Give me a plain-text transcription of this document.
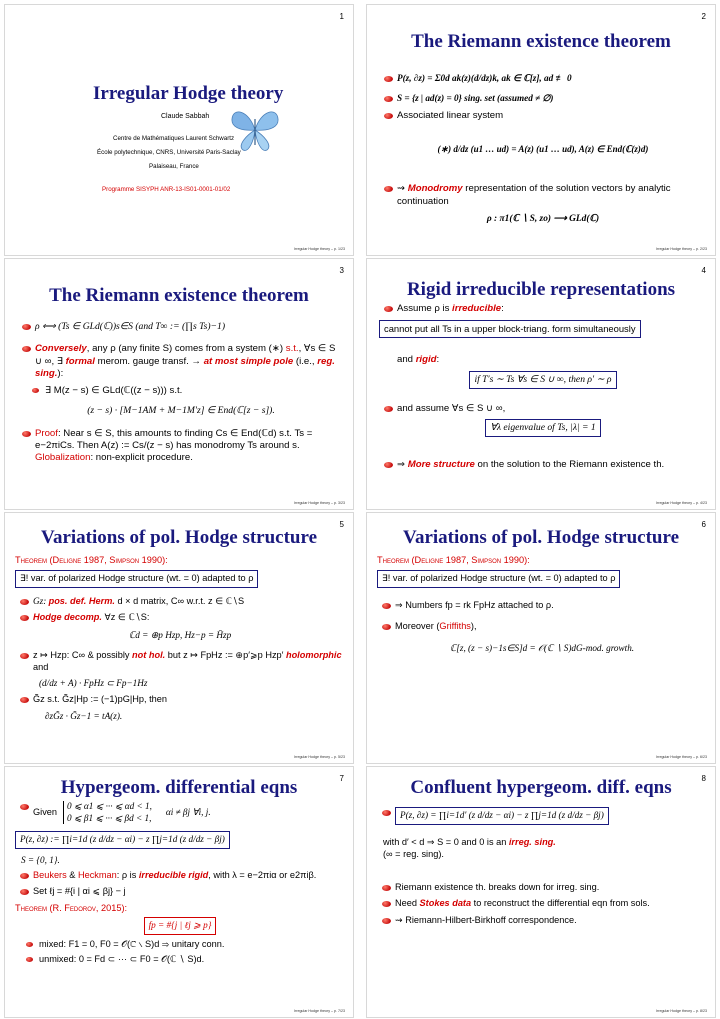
1
Irregular Hodge theory
Claude Sabbah
Centre de Mathématiques Laurent Schwartz
École polytechnique, CNRS, Université Paris-Saclay
Palaiseau, France
Programme SISYPH ANR-13-IS01-0001-01/02
Irregular Hodge theory – p. 1/23
2
The Riemann existence theorem
P(z, ∂z) = Σ0d ak(z)(d/dz)k, ak ∈ ℂ[z], ad ≢ 0
S = {z | ad(z) = 0} sing. set (assumed ≠ ∅)
Associated linear system
(∗) d/dz (u1 … ud) = A(z) (u1 … ud), A(z) ∈ End(ℂ(z)d)
⇝ Monodromy representation of the solution vectors by analytic continuation
ρ : π1(ℂ ∖ S, zo) ⟶ GLd(ℂ)
Irregular Hodge theory – p. 2/23
3
The Riemann existence theorem
ρ ⟺ (Ts ∈ GLd(ℂ))s∈S (and T∞ := (∏s Ts)−1)
Conversely, any ρ (any finite S) comes from a system (∗) s.t., ∀s ∈ S ∪ ∞, ∃ formal merom. gauge transf. → at most simple pole (i.e., reg. sing.):
∃ M(z − s) ∈ GLd(ℂ((z − s))) s.t.
(z − s) · [M−1AM + M−1M′z] ∈ End(ℂ[z − s]).
Proof: Near s ∈ S, this amounts to finding Cs ∈ End(ℂd) s.t. Ts = e−2πiCs. Then A(z) := Cs/(z − s) has monodromy Ts around s.
Globalization: non-explicit procedure.
Irregular Hodge theory – p. 3/23
4
Rigid irreducible representations
Assume ρ is irreducible:
cannot put all Ts in a upper block-triang. form simultaneously
and rigid:
if T′s ∼ Ts ∀s ∈ S ∪ ∞, then ρ′ ∼ ρ
and assume ∀s ∈ S ∪ ∞,
∀λ eigenvalue of Ts, |λ| = 1
⇒ More structure on the solution to the Riemann existence th.
Irregular Hodge theory – p. 4/23
5
Variations of pol. Hodge structure
Theorem (Deligne 1987, Simpson 1990):
∃! var. of polarized Hodge structure (wt. = 0) adapted to ρ
Gz: pos. def. Herm. d × d matrix, C∞ w.r.t. z ∈ ℂ∖S
Hodge decomp. ∀z ∈ ℂ∖S:
ℂd = ⊕p Hzp, Hz−p = H̄zp
z ↦ Hzp: C∞ & possibly not hol. but z ↦ FpHz := ⊕p′⩾p Hzp′ holomorphic and
(d/dz + A) · FpHz ⊂ Fp−1Hz
G̃z s.t. G̃z|Hp := (−1)pG|Hp, then
∂zG̃z · G̃z−1 = tA(z).
Irregular Hodge theory – p. 5/23
6
Variations of pol. Hodge structure
Theorem (Deligne 1987, Simpson 1990):
∃! var. of polarized Hodge structure (wt. = 0) adapted to ρ
⇒ Numbers fp = rk FpHz attached to ρ.
Moreover (Griffiths),
ℂ[z, (z − s)−1s∈S]d = 𝒪(ℂ ∖ S)dG-mod. growth.
Irregular Hodge theory – p. 6/23
7
Hypergeom. differential eqns
Given
0 ⩽ α1 ⩽ ··· ⩽ αd < 1,
0 ⩽ β1 ⩽ ··· ⩽ βd < 1,
αi ≠ βj ∀i, j.
P(z, ∂z) := ∏i=1d (z d/dz − αi) − z ∏j=1d (z d/dz − βj)
S = {0, 1}.
Beukers & Heckman: ρ is irreducible rigid, with λ = e−2πiα or e2πiβ.
Set ℓj = #{i | αi ⩽ βj} − j
Theorem (R. Fedorov, 2015):
fp = #{j | ℓj ⩾ p}
mixed: F1 = 0, F0 = 𝒪(ℂ ∖ S)d ⇒ unitary conn.
unmixed: 0 = Fd ⊂ ··· ⊂ F0 = 𝒪(ℂ ∖ S)d.
Irregular Hodge theory – p. 7/23
8
Confluent hypergeom. diff. eqns
P(z, ∂z) = ∏i=1d′ (z d/dz − αi) − z ∏j=1d (z d/dz − βj)
with d′ < d ⇒ S = 0 and 0 is an irreg. sing.
(∞ = reg. sing).
Riemann existence th. breaks down for irreg. sing.
Need Stokes data to reconstruct the differential eqn from sols.
⇝ Riemann-Hilbert-Birkhoff correspondence.
Irregular Hodge theory – p. 8/23
